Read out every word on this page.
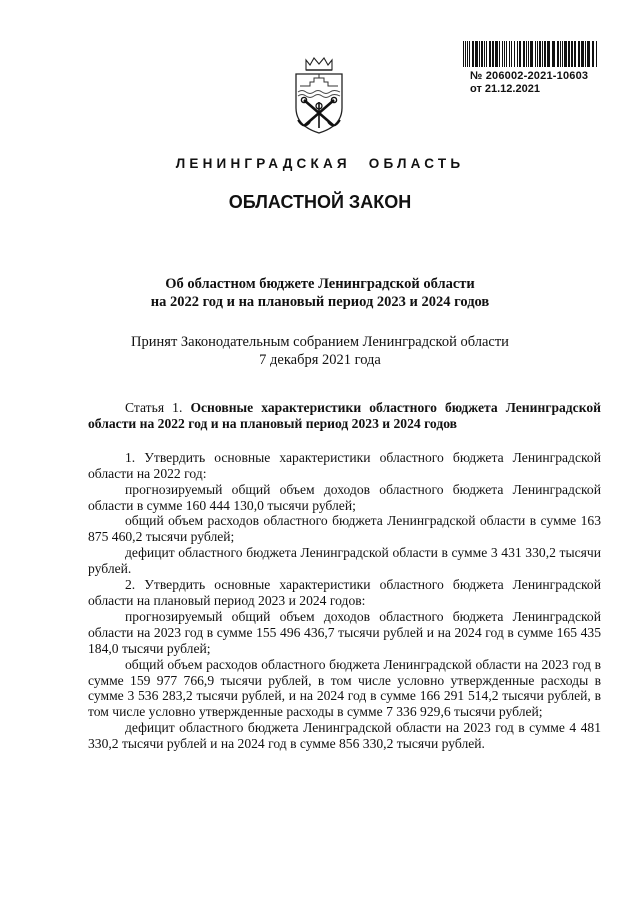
№ 206002-2021-10603
от 21.12.2021
ЛЕНИНГРАДСКАЯ ОБЛАСТЬ
ОБЛАСТНОЙ ЗАКОН
Об областном бюджете Ленинградской области
на 2022 год и на плановый период 2023 и 2024 годов
Принят Законодательным собранием Ленинградской области
7 декабря 2021 года
Статья 1. Основные характеристики областного бюджета Ленинградской области на 2022 год и на плановый период 2023 и 2024 годов

1. Утвердить основные характеристики областного бюджета Ленинградской области на 2022 год:

прогнозируемый общий объем доходов областного бюджета Ленинградской области в сумме 160 444 130,0 тысячи рублей;

общий объем расходов областного бюджета Ленинградской области в сумме 163 875 460,2 тысячи рублей;

дефицит областного бюджета Ленинградской области в сумме 3 431 330,2 тысячи рублей.

2. Утвердить основные характеристики областного бюджета Ленинградской области на плановый период 2023 и 2024 годов:

прогнозируемый общий объем доходов областного бюджета Ленинградской области на 2023 год в сумме 155 496 436,7 тысячи рублей и на 2024 год в сумме 165 435 184,0 тысячи рублей;

общий объем расходов областного бюджета Ленинградской области на 2023 год в сумме 159 977 766,9 тысячи рублей, в том числе условно утвержденные расходы в сумме 3 536 283,2 тысячи рублей, и на 2024 год в сумме 166 291 514,2 тысячи рублей, в том числе условно утвержденные расходы в сумме 7 336 929,6 тысячи рублей;

дефицит областного бюджета Ленинградской области на 2023 год в сумме 4 481 330,2 тысячи рублей и на 2024 год в сумме 856 330,2 тысячи рублей.
